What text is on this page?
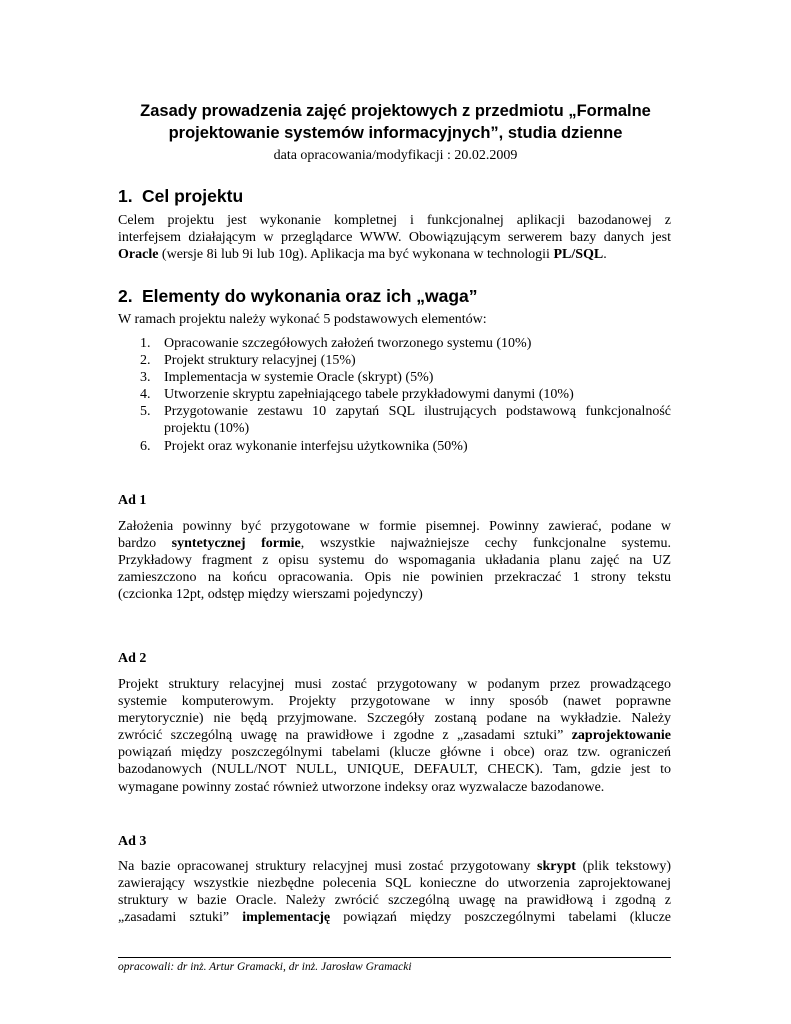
Zasady prowadzenia zajęć projektowych z przedmiotu „Formalne
projektowanie systemów informacyjnych”, studia dzienne
data opracowania/modyfikacji : 20.02.2009
1. Cel projektu
Celem projektu jest wykonanie kompletnej i funkcjonalnej aplikacji bazodanowej z
interfejsem działającym w przeglądarce WWW. Obowiązującym serwerem bazy danych jest
Oracle (wersje 8i lub 9i lub 10g). Aplikacja ma być wykonana w technologii PL/SQL.
2. Elementy do wykonania oraz ich „waga”
W ramach projektu należy wykonać 5 podstawowych elementów:
1. Opracowanie szczegółowych założeń tworzonego systemu (10%)
2. Projekt struktury relacyjnej (15%)
3. Implementacja w systemie Oracle (skrypt) (5%)
4. Utworzenie skryptu zapełniającego tabele przykładowymi danymi (10%)
5. Przygotowanie zestawu 10 zapytań SQL ilustrujących podstawową funkcjonalność
projektu (10%)
6. Projekt oraz wykonanie interfejsu użytkownika (50%)
Ad 1
Założenia powinny być przygotowane w formie pisemnej. Powinny zawierać, podane w
bardzo syntetycznej formie, wszystkie najważniejsze cechy funkcjonalne systemu.
Przykładowy fragment z opisu systemu do wspomagania układania planu zajęć na UZ
zamieszczono na końcu opracowania. Opis nie powinien przekraczać 1 strony tekstu
(czcionka 12pt, odstęp między wierszami pojedynczy)
Ad 2
Projekt struktury relacyjnej musi zostać przygotowany w podanym przez prowadzącego
systemie komputerowym. Projekty przygotowane w inny sposób (nawet poprawne
merytorycznie) nie będą przyjmowane. Szczegóły zostaną podane na wykładzie. Należy
zwrócić szczególną uwagę na prawidłowe i zgodne z „zasadami sztuki” zaprojektowanie
powiązań między poszczególnymi tabelami (klucze główne i obce) oraz tzw. ograniczeń
bazodanowych (NULL/NOT NULL, UNIQUE, DEFAULT, CHECK). Tam, gdzie jest to
wymagane powinny zostać również utworzone indeksy oraz wyzwalacze bazodanowe.
Ad 3
Na bazie opracowanej struktury relacyjnej musi zostać przygotowany skrypt (plik tekstowy)
zawierający wszystkie niezbędne polecenia SQL konieczne do utworzenia zaprojektowanej
struktury w bazie Oracle. Należy zwrócić szczególną uwagę na prawidłową i zgodną z
„zasadami sztuki” implementację powiązań między poszczególnymi tabelami (klucze
opracowali: dr inż. Artur Gramacki, dr inż. Jarosław Gramacki
